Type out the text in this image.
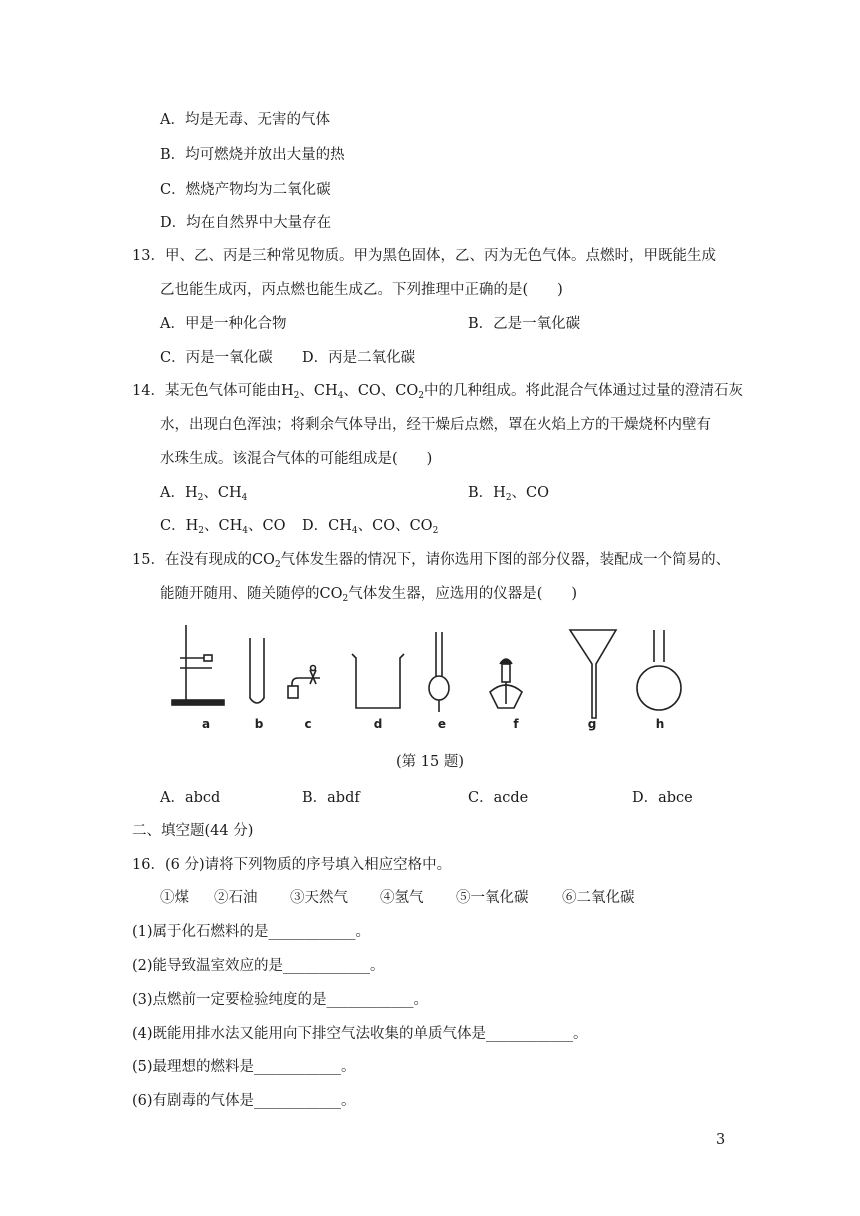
A．均是无毒、无害的气体
B．均可燃烧并放出大量的热
C．燃烧产物均为二氧化碳
D．均在自然界中大量存在
13．甲、乙、丙是三种常见物质。甲为黑色固体，乙、丙为无色气体。点燃时，甲既能生成
乙也能生成丙，丙点燃也能生成乙。下列推理中正确的是(　　)
A．甲是一种化合物	B．乙是一氧化碳
C．丙是一氧化碳 D．丙是二氧化碳
14．某无色气体可能由$H_2$、$CH_4$、CO、$CO_2$中的几种组成。将此混合气体通过过量的澄清石灰
水，出现白色浑浊；将剩余气体导出，经干燥后点燃，罩在火焰上方的干燥烧杯内壁有
水珠生成。该混合气体的可能组成是(　　)
A．$H_2$、$CH_4$	B．$H_2$、CO
C．$H_2$、$CH_4$、CO D．$CH_4$、CO、$CO_2$
15．在没有现成的$CO_2$气体发生器的情况下，请你选用下图的部分仪器，装配成一个简易的、
能随开随用、随关随停的$CO_2$气体发生器，应选用的仪器是(　　)
a	b	c	d	e	f	g	h
(第 15 题)
A．abcd	B．abdf	C．acde	D．abce
二、填空题(44 分)
16．(6 分)请将下列物质的序号填入相应空格中。
①煤 ②石油 ③天然气 ④氢气 ⑤一氧化碳 ⑥二氧化碳
(1)属于化石燃料的是____________。
(2)能导致温室效应的是____________。
(3)点燃前一定要检验纯度的是____________。
(4)既能用排水法又能用向下排空气法收集的单质气体是____________。
(5)最理想的燃料是____________。
(6)有剧毒的气体是____________。
3
